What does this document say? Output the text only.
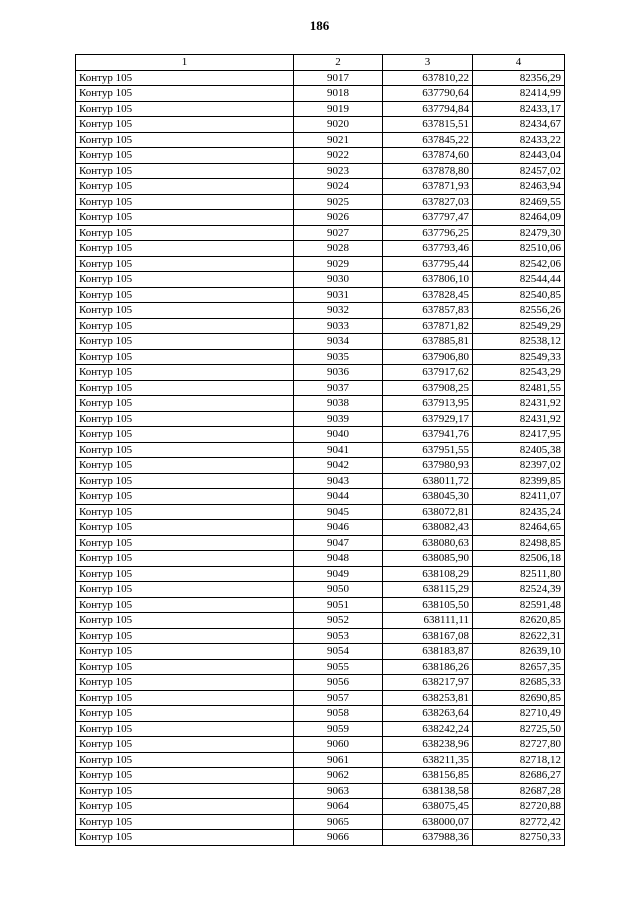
186
1	2	3	4
Контур 105	9017	637810,22	82356,29
Контур 105	9018	637790,64	82414,99
Контур 105	9019	637794,84	82433,17
Контур 105	9020	637815,51	82434,67
Контур 105	9021	637845,22	82433,22
Контур 105	9022	637874,60	82443,04
Контур 105	9023	637878,80	82457,02
Контур 105	9024	637871,93	82463,94
Контур 105	9025	637827,03	82469,55
Контур 105	9026	637797,47	82464,09
Контур 105	9027	637796,25	82479,30
Контур 105	9028	637793,46	82510,06
Контур 105	9029	637795,44	82542,06
Контур 105	9030	637806,10	82544,44
Контур 105	9031	637828,45	82540,85
Контур 105	9032	637857,83	82556,26
Контур 105	9033	637871,82	82549,29
Контур 105	9034	637885,81	82538,12
Контур 105	9035	637906,80	82549,33
Контур 105	9036	637917,62	82543,29
Контур 105	9037	637908,25	82481,55
Контур 105	9038	637913,95	82431,92
Контур 105	9039	637929,17	82431,92
Контур 105	9040	637941,76	82417,95
Контур 105	9041	637951,55	82405,38
Контур 105	9042	637980,93	82397,02
Контур 105	9043	638011,72	82399,85
Контур 105	9044	638045,30	82411,07
Контур 105	9045	638072,81	82435,24
Контур 105	9046	638082,43	82464,65
Контур 105	9047	638080,63	82498,85
Контур 105	9048	638085,90	82506,18
Контур 105	9049	638108,29	82511,80
Контур 105	9050	638115,29	82524,39
Контур 105	9051	638105,50	82591,48
Контур 105	9052	638111,11	82620,85
Контур 105	9053	638167,08	82622,31
Контур 105	9054	638183,87	82639,10
Контур 105	9055	638186,26	82657,35
Контур 105	9056	638217,97	82685,33
Контур 105	9057	638253,81	82690,85
Контур 105	9058	638263,64	82710,49
Контур 105	9059	638242,24	82725,50
Контур 105	9060	638238,96	82727,80
Контур 105	9061	638211,35	82718,12
Контур 105	9062	638156,85	82686,27
Контур 105	9063	638138,58	82687,28
Контур 105	9064	638075,45	82720,88
Контур 105	9065	638000,07	82772,42
Контур 105	9066	637988,36	82750,33
